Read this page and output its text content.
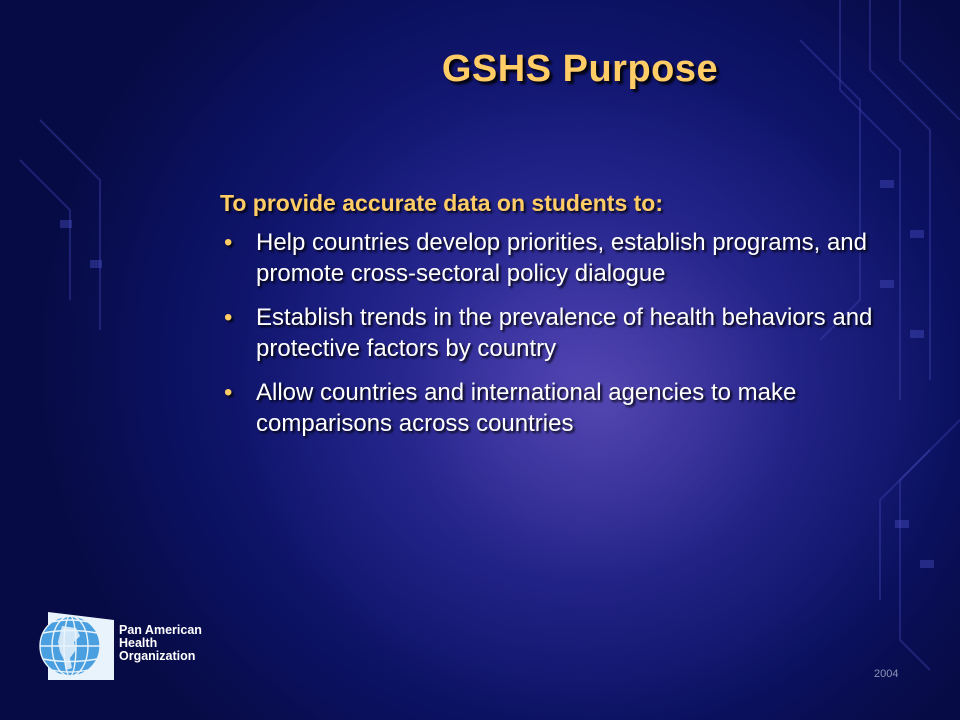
GSHS Purpose

To provide accurate data on students to:

• Help countries develop priorities, establish programs, and promote cross-sectoral policy dialogue
• Establish trends in the prevalence of health behaviors and protective factors by country
• Allow countries and international agencies to make comparisons across countries
Pan American
Health
Organization
2004
